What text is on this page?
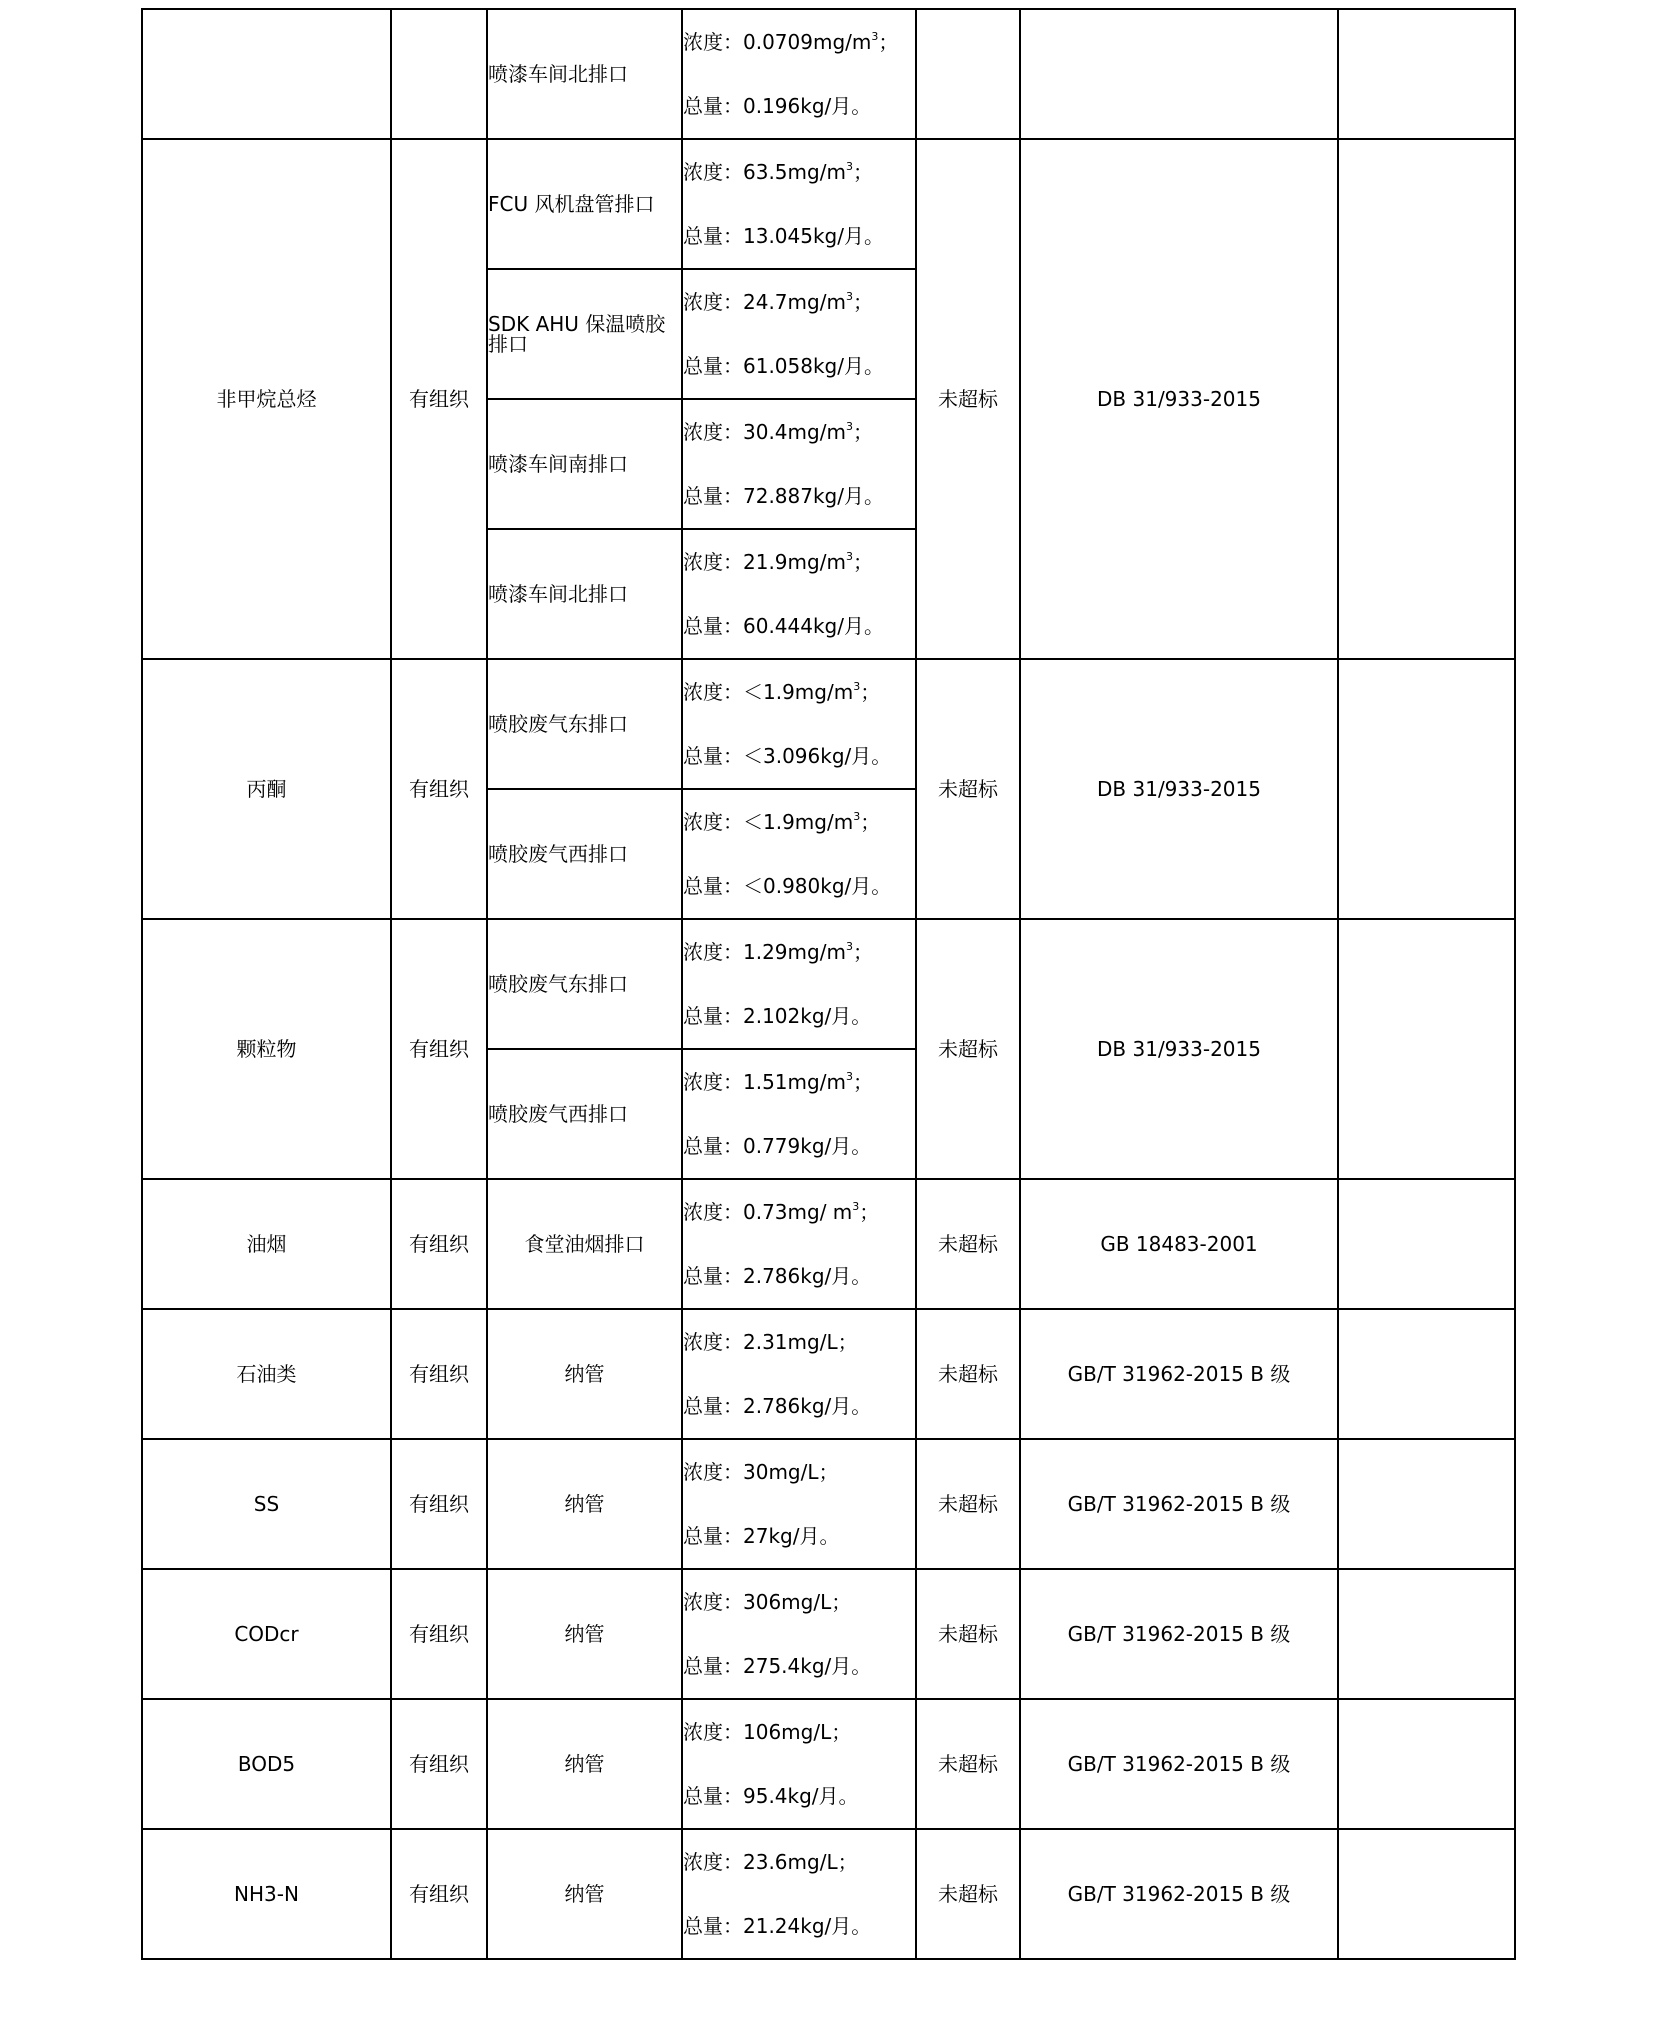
		喷漆车间北排口	浓度：$0.0709mg/m^3$；
总量：0.196kg/月。			

非甲烷总烃	有组织	FCU 风机盘管排口	浓度：$63.5mg/m^3$；
总量：13.045kg/月。	未超标	DB 31/933-2015	
		SDK AHU 保温喷胶排口	浓度：$24.7mg/m^3$；
总量：61.058kg/月。			

		喷漆车间南排口	浓度：$30.4mg/m^3$；
总量：72.887kg/月。			

		喷漆车间北排口	浓度：$21.9mg/m^3$；
总量：60.444kg/月。			

丙酮	有组织	喷胶废气东排口	浓度：$<1.9mg/m^3$；
总量：＜3.096kg/月。	未超标	DB 31/933-2015	
		喷胶废气西排口	浓度：$<1.9mg/m^3$；
总量：＜0.980kg/月。			

颗粒物	有组织	喷胶废气东排口	浓度：$1.29mg/m^3$；
总量：2.102kg/月。	未超标	DB 31/933-2015	
		喷胶废气西排口	浓度：$1.51mg/m^3$；
总量：0.779kg/月。			

油烟	有组织	食堂油烟排口	浓度：0.73mg/ $m^3$；
总量：2.786kg/月。	未超标	GB 18483-2001	
石油类	有组织	纳管	浓度：2.31mg/L；
总量：2.786kg/月。	未超标	GB/T 31962-2015 B 级	
SS	有组织	纳管	浓度：30mg/L；
总量：27kg/月。	未超标	GB/T 31962-2015 B 级	
CODcr	有组织	纳管	浓度：306mg/L；
总量：275.4kg/月。	未超标	GB/T 31962-2015 B 级	
BOD5	有组织	纳管	浓度：106mg/L；
总量：95.4kg/月。	未超标	GB/T 31962-2015 B 级	
NH3-N	有组织	纳管	浓度：23.6mg/L；
总量：21.24kg/月。	未超标	GB/T 31962-2015 B 级	
